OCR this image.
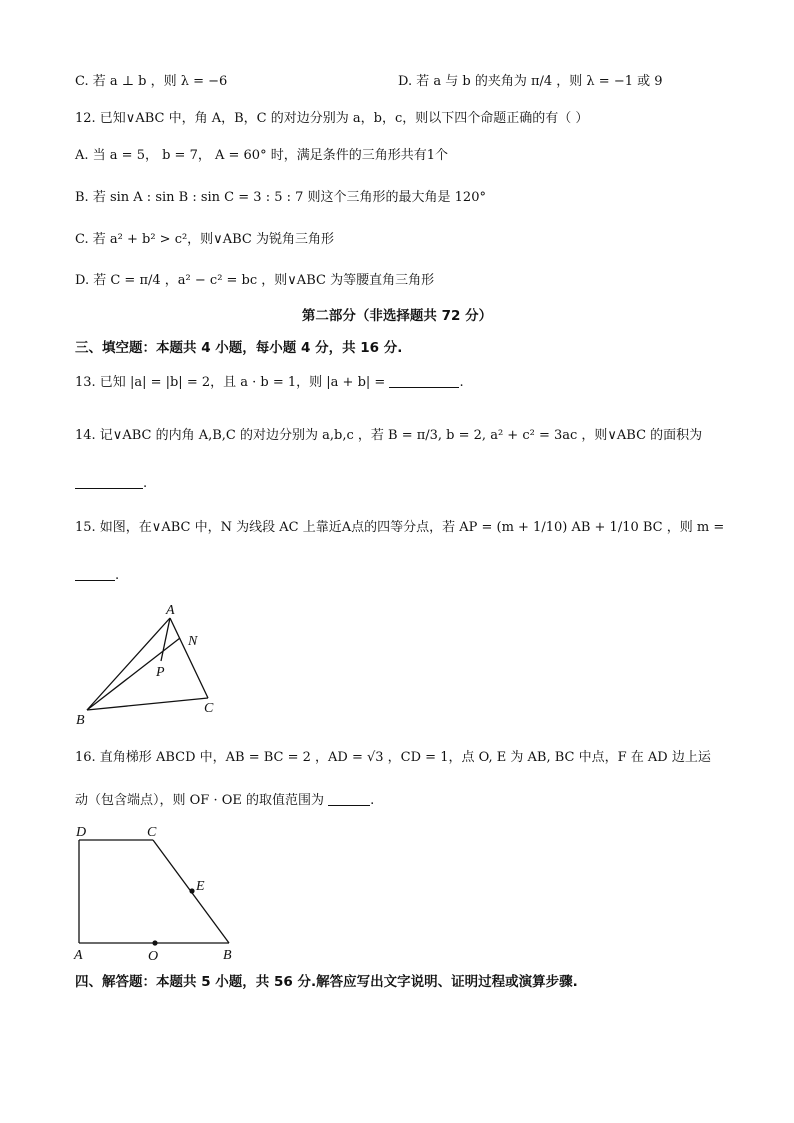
C. 若 a ⊥ b ，则 λ = −6	D. 若 a 与 b 的夹角为 π/4 ，则 λ = −1 或 9
12. 已知∨ABC 中，角 A，B，C 的对边分别为 a，b，c，则以下四个命题正确的有（ ）
A. 当 a = 5， b = 7， A = 60° 时，满足条件的三角形共有1个
B. 若 sin A : sin B : sin C = 3 : 5 : 7 则这个三角形的最大角是 120°
C. 若 a² + b² > c²，则∨ABC 为锐角三角形
D. 若 C = π/4 ，a² − c² = bc ，则∨ABC 为等腰直角三角形
第二部分（非选择题共 72 分）
三、填空题：本题共 4 小题，每小题 4 分，共 16 分.
13. 已知 |a| = |b| = 2，且 a · b = 1，则 |a + b| =	.
14. 记∨ABC 的内角 A,B,C 的对边分别为 a,b,c ，若 B = π/3, b = 2, a² + c² = 3ac ，则∨ABC 的面积为
.
15. 如图，在∨ABC 中，N 为线段 AC 上靠近A点的四等分点，若 AP = (m + 1/10) AB + 1/10 BC ，则 m =
.
A
N
P
B
C
16. 直角梯形 ABCD 中，AB = BC = 2 ，AD = √3 ，CD = 1，点 O, E 为 AB, BC 中点，F 在 AD 边上运
动（包含端点），则 OF · OE 的取值范围为	.
D	C
E
A	O	B
四、解答题：本题共 5 小题，共 56 分.解答应写出文字说明、证明过程或演算步骤.
